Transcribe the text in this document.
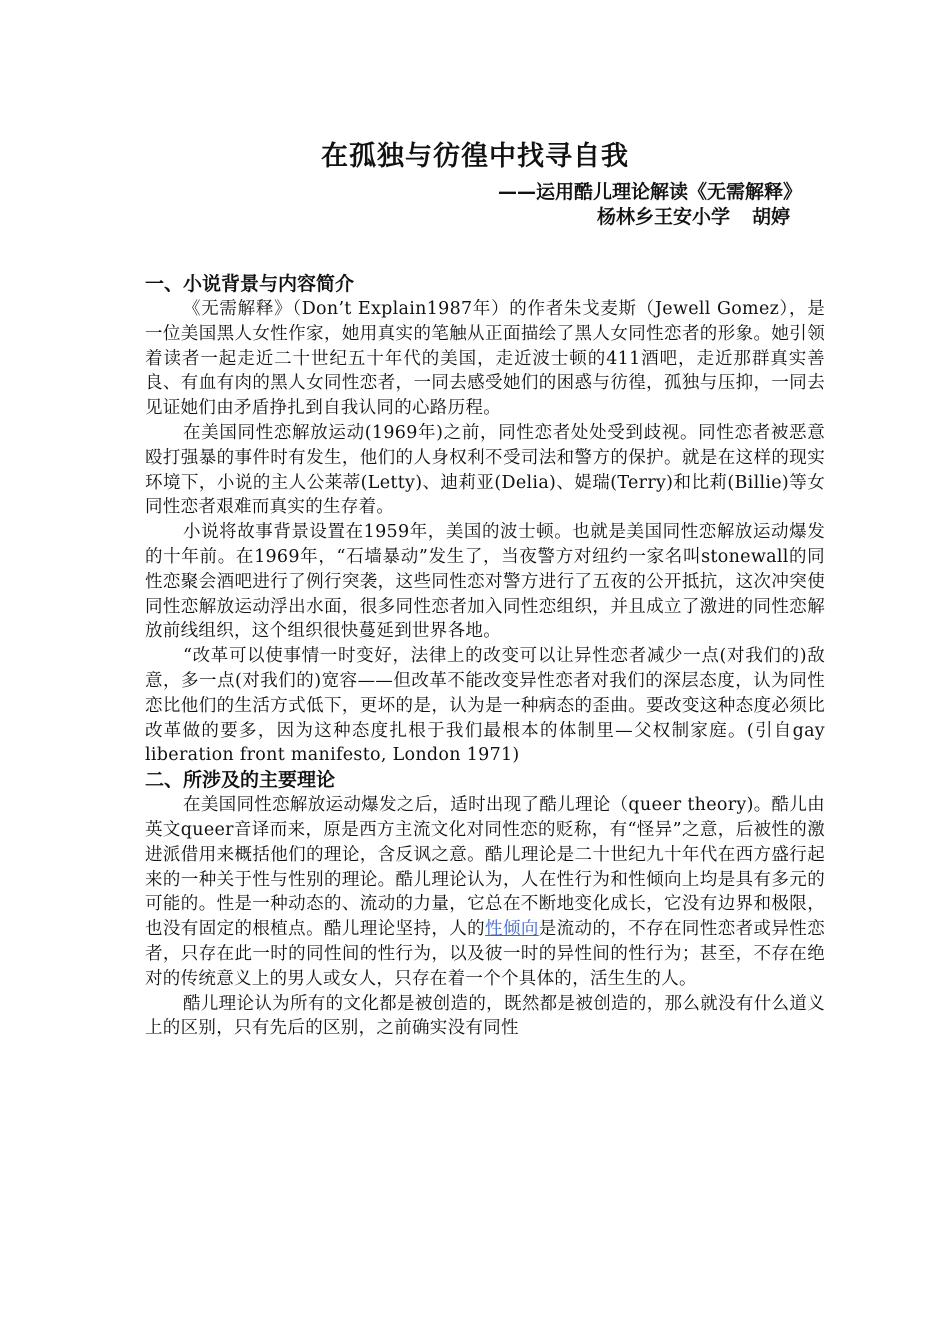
在孤独与彷徨中找寻自我

——运用酷儿理论解读《无需解释》

杨林乡王安小学 胡婷

一、小说背景与内容简介

《无需解释》（Don’t Explain1987年）的作者朱戈麦斯（Jewell Gomez），是 一位美国黑人女性作家，她用真实的笔触从正面描绘了黑人女同性恋者的形象。她引领着读者一起走近二十世纪五十年代的美国，走近波士顿的411酒吧，走近那群真实善良、有血有肉的黑人女同性恋者，一同去感受她们的困惑与彷徨，孤独与压抑，一同去见证她们由矛盾挣扎到自我认同的心路历程。

在美国同性恋解放运动(1969年)之前，同性恋者处处受到歧视。同性恋者被恶意殴打强暴的事件时有发生，他们的人身权利不受司法和警方的保护。就是在这样的现实环境下，小说的主人公莱蒂(Letty)、迪莉亚(Delia)、媞瑞(Terry)和比莉(Billie)等女同性恋者艰难而真实的生存着。

小说将故事背景设置在1959年，美国的波士顿。也就是美国同性恋解放运动爆发的十年前。在1969年，“石墙暴动”发生了，当夜警方对纽约一家名叫stonewall的同性恋聚会酒吧进行了例行突袭，这些同性恋对警方进行了五夜的公开抵抗，这次冲突使同性恋解放运动浮出水面，很多同性恋者加入同性恋组织，并且成立了激进的同性恋解放前线组织，这个组织很快蔓延到世界各地。

“改革可以使事情一时变好，法律上的改变可以让异性恋者减少一点(对我们的)敌意，多一点(对我们的)宽容——但改革不能改变异性恋者对我们的深层态度，认为同性恋比他们的生活方式低下，更坏的是，认为是一种病态的歪曲。要改变这种态度必须比改革做的要多，因为这种态度扎根于我们最根本的体制里—父权制家庭。(引自gay liberation front manifesto, London 1971)

二、所涉及的主要理论

在美国同性恋解放运动爆发之后，适时出现了酷儿理论（queer theory)。酷儿由英文queer音译而来，原是西方主流文化对同性恋的贬称，有“怪异”之意，后被性的激进派借用来概括他们的理论，含反讽之意。酷儿理论是二十世纪九十年代在西方盛行起来的一种关于性与性别的理论。酷儿理论认为，人在性行为和性倾向上均是具有多元的可能的。性是一种动态的、流动的力量，它总在不断地变化成长，它没有边界和极限，也没有固定的根植点。酷儿理论坚持，人的性倾向是流动的，不存在同性恋者或异性恋者，只存在此一时的同性间的性行为，以及彼一时的异性间的性行为；甚至，不存在绝对的传统意义上的男人或女人，只存在着一个个具体的，活生生的人。

酷儿理论认为所有的文化都是被创造的，既然都是被创造的，那么就没有什么道义上的区别，只有先后的区别，之前确实没有同性
